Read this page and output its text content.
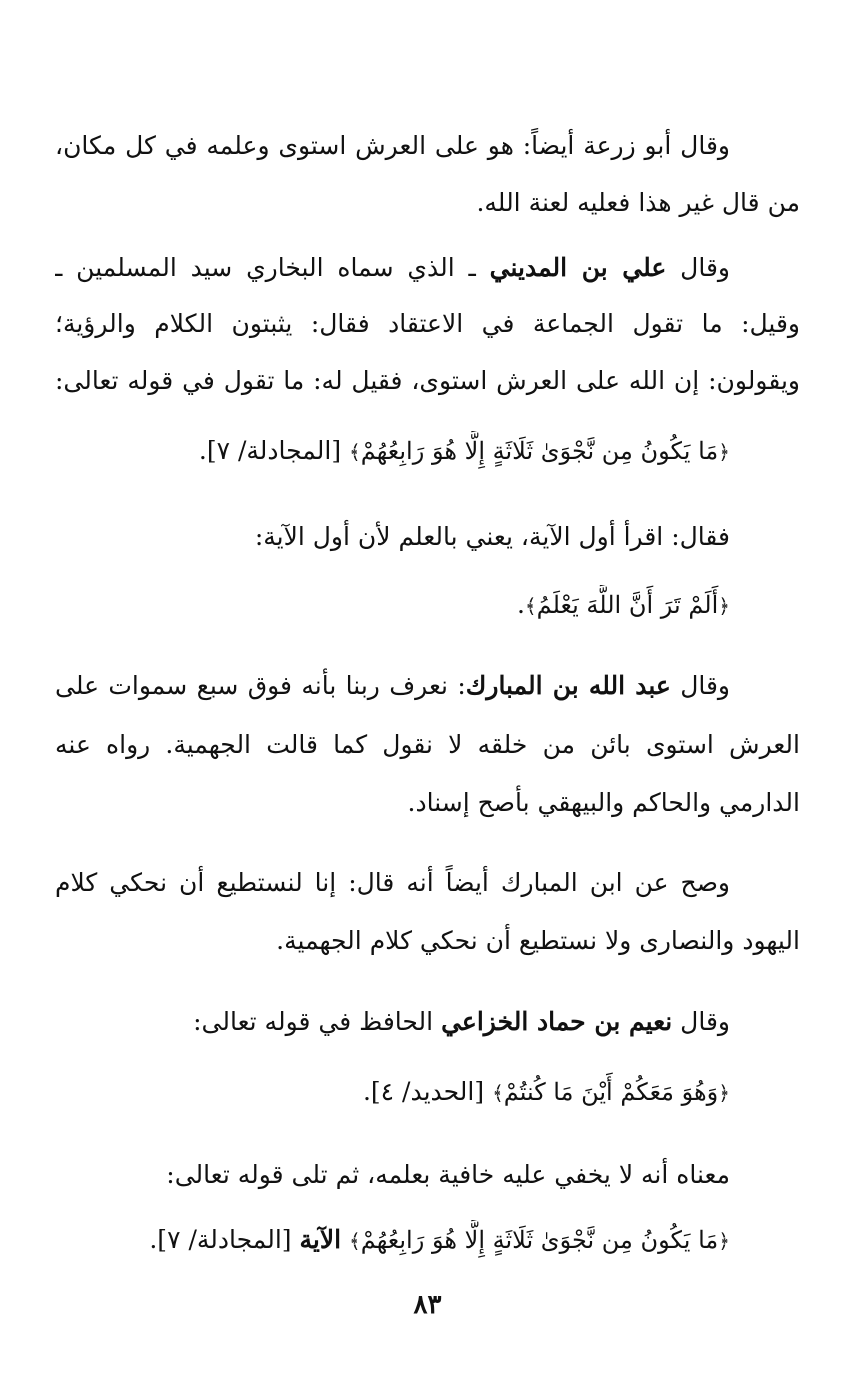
وقال أبو زرعة أيضاً: هو على العرش استوى وعلمه في كل مكان،
من قال غير هذا فعليه لعنة الله.
وقال علي بن المديني ـ الذي سماه البخاري سيد المسلمين ـ
وقيل: ما تقول الجماعة في الاعتقاد فقال: يثبتون الكلام والرؤية؛
ويقولون: إن الله على العرش استوى، فقيل له: ما تقول في قوله تعالى:
﴿مَا يَكُونُ مِن نَّجْوَىٰ ثَلَاثَةٍ إِلَّا هُوَ رَابِعُهُمْ﴾ [المجادلة/ ٧].
فقال: اقرأ أول الآية، يعني بالعلم لأن أول الآية:
﴿أَلَمْ تَرَ أَنَّ اللَّهَ يَعْلَمُ﴾.
وقال عبد الله بن المبارك: نعرف ربنا بأنه فوق سبع سموات على
العرش استوى بائن من خلقه لا نقول كما قالت الجهمية. رواه عنه
الدارمي والحاكم والبيهقي بأصح إسناد.
وصح عن ابن المبارك أيضاً أنه قال: إنا لنستطيع أن نحكي كلام
اليهود والنصارى ولا نستطيع أن نحكي كلام الجهمية.
وقال نعيم بن حماد الخزاعي الحافظ في قوله تعالى:
﴿وَهُوَ مَعَكُمْ أَيْنَ مَا كُنتُمْ﴾ [الحديد/ ٤].
معناه أنه لا يخفي عليه خافية بعلمه، ثم تلى قوله تعالى:
﴿مَا يَكُونُ مِن نَّجْوَىٰ ثَلَاثَةٍ إِلَّا هُوَ رَابِعُهُمْ﴾ الآية [المجادلة/ ٧].
٨٣
